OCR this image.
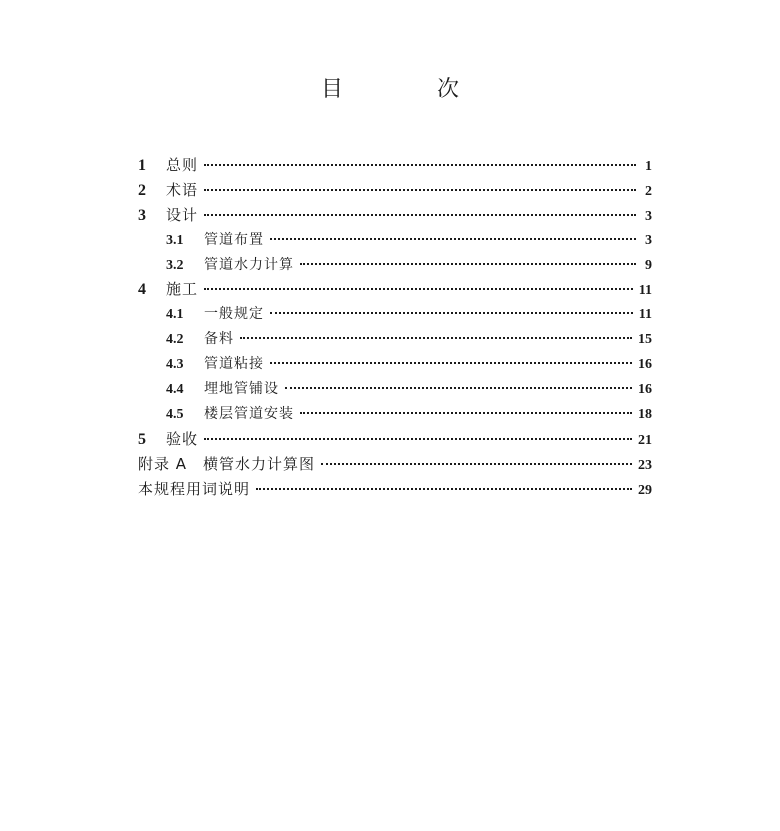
目　次
1	总则	1
2	术语	2
3	设计	3
3.1	管道布置	3
3.2	管道水力计算	9
4	施工	11
4.1	一般规定	11
4.2	备料	15
4.3	管道粘接	16
4.4	埋地管铺设	16
4.5	楼层管道安装	18
5	验收	21
附录 A　横管水力计算图	23
本规程用词说明	29
